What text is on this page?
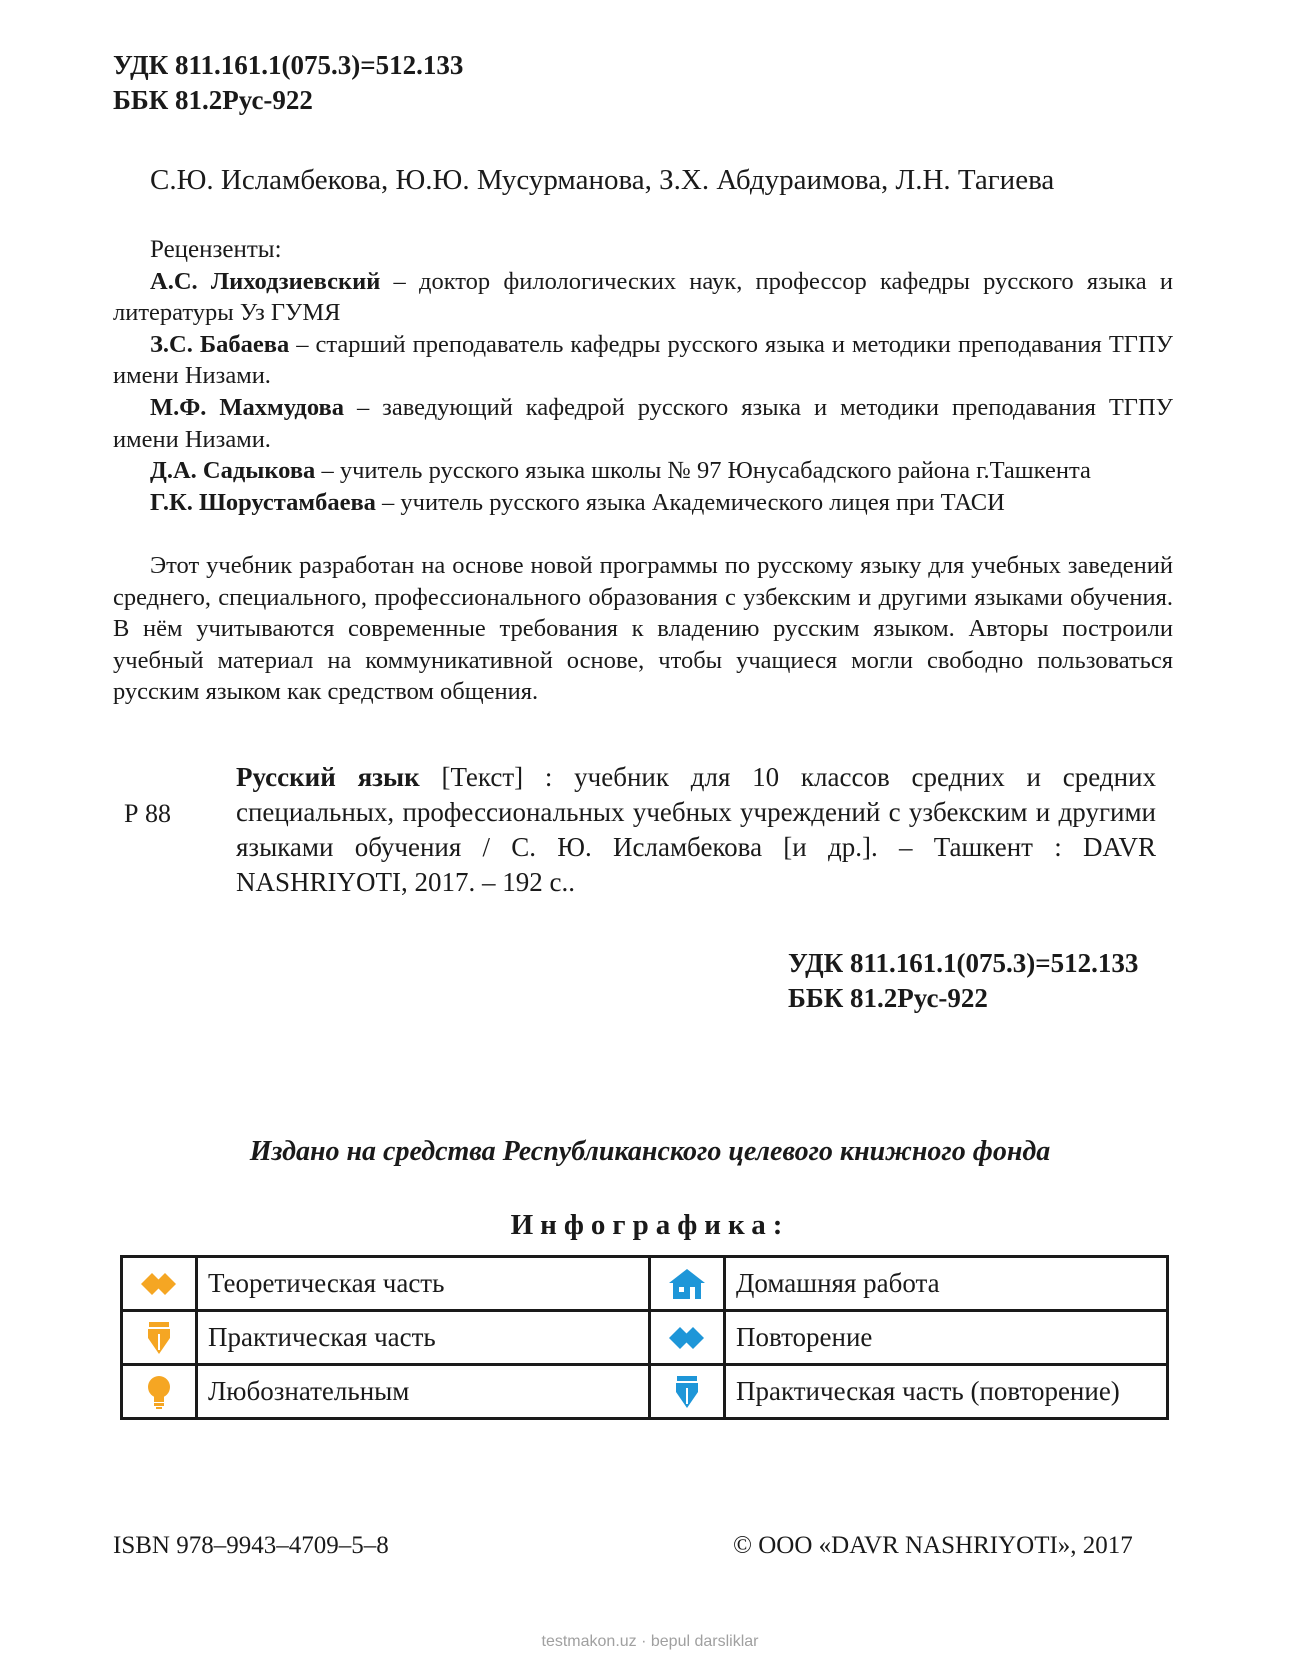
УДК 811.161.1(075.3)=512.133
ББК 81.2Рус-922
С.Ю. Исламбекова, Ю.Ю. Мусурманова, З.Х. Абдураимова, Л.Н. Тагиева

Рецензенты:

А.С. Лиходзиевский – доктор филологических наук, профессор кафедры русского языка и литературы Уз ГУМЯ

З.С. Бабаева – старший преподаватель кафедры русского языка и методики преподавания ТГПУ имени Низами.

М.Ф. Махмудова – заведующий кафедрой русского языка и методики преподавания ТГПУ имени Низами.

Д.А. Садыкова – учитель русского языка школы № 97 Юнусабадского района г.Ташкента

Г.К. Шорустамбаева – учитель русского языка Академического лицея при ТАСИ

Этот учебник разработан на основе новой программы по русскому языку для учебных заведений среднего, специального, профессионального образования с узбекским и другими языками обучения. В нём учитываются современные требования к владению русским языком. Авторы построили учебный материал на коммуникативной основе, чтобы учащиеся могли свободно пользоваться русским языком как средством общения.
Р 88
Русский язык [Текст] : учебник для 10 классов средних и средних специальных, профессиональных учебных учреждений с узбекским и другими языками обучения / С. Ю. Исламбекова [и др.]. – Ташкент : DAVR NASHRIYOTI, 2017. – 192 с..
УДК 811.161.1(075.3)=512.133
ББК 81.2Рус-922
Издано на средства Республиканского целевого книжного фонда
Инфографика:
	Теоретическая часть		Домашняя работа

	Практическая часть		Повторение

	Любознательным		Практическая часть (повторение)
ISBN 978–9943–4709–5–8	© ООО «DAVR NASHRIYOTI», 2017
testmakon.uz · bepul darsliklar
